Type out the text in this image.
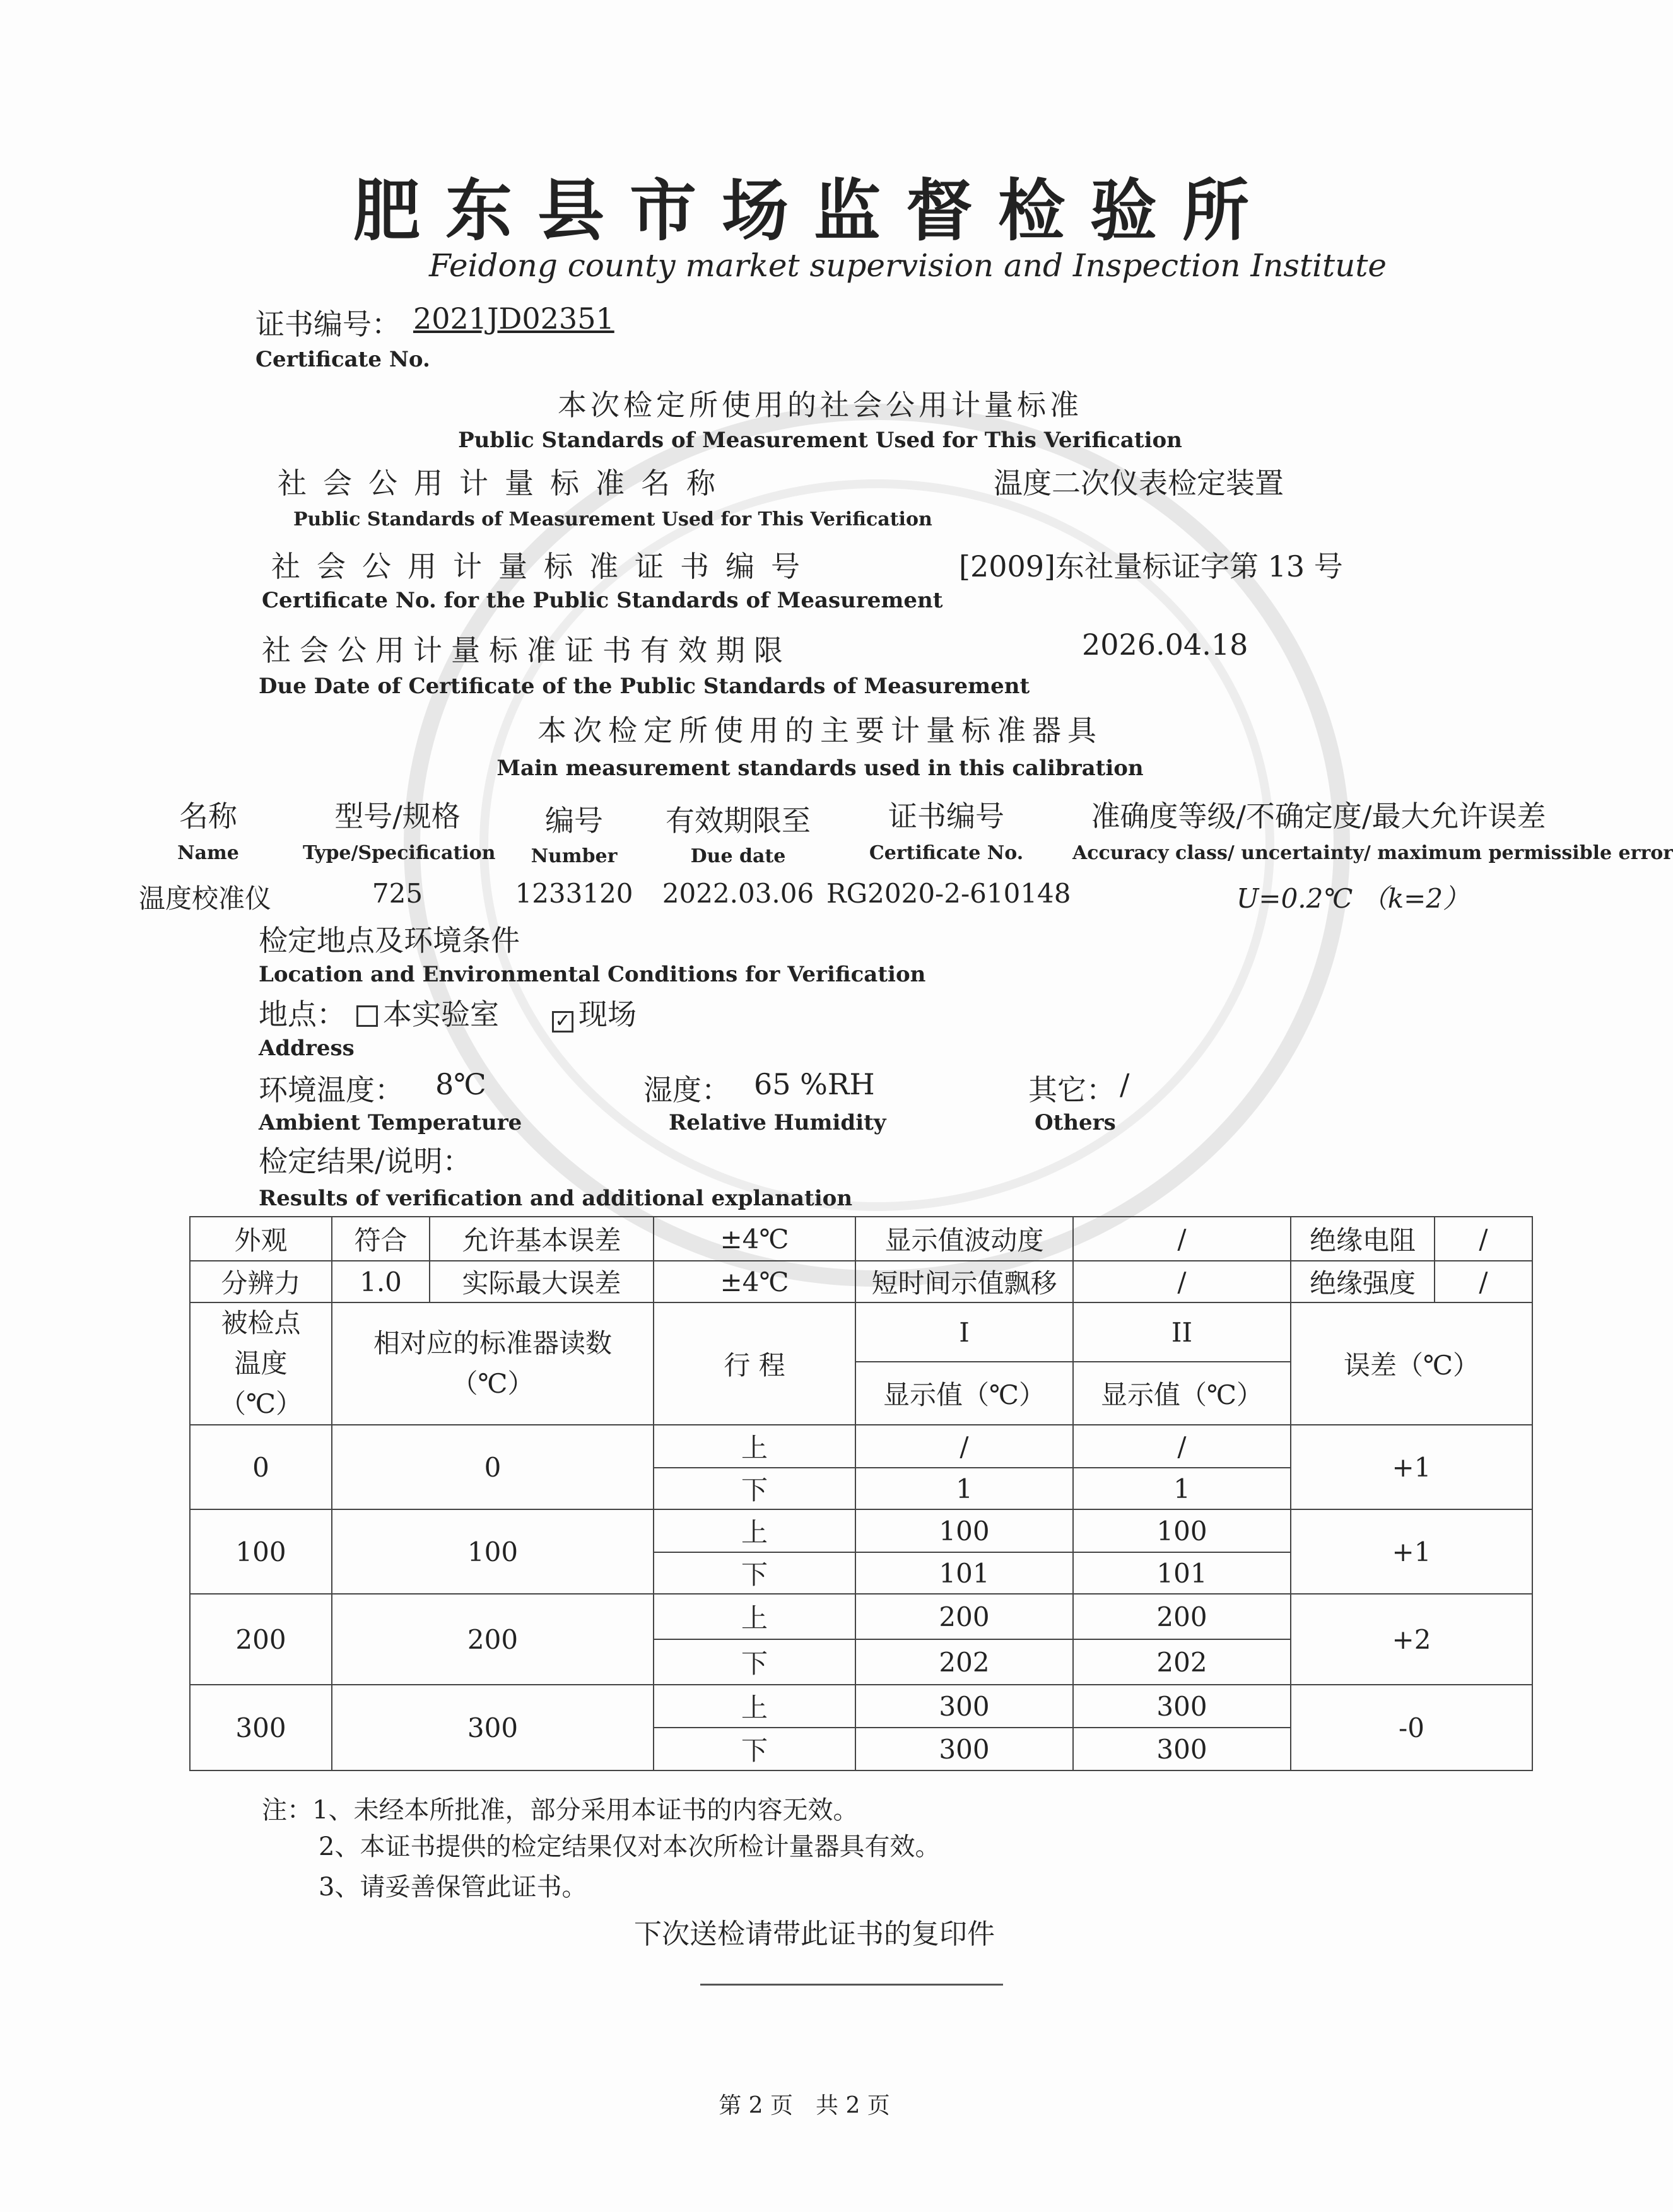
肥东县市场监督检验所
Feidong county market supervision and Inspection Institute
证书编号： 2021JD02351
Certificate No.
本次检定所使用的社会公用计量标准
Public Standards of Measurement Used for This Verification
社会公用计量标准名称	温度二次仪表检定装置
Public Standards of Measurement Used for This Verification
社会公用计量标准证书编号	[2009]东社量标证字第 13 号
Certificate No. for the Public Standards of Measurement
社会公用计量标准证书有效期限	2026.04.18
Due Date of Certificate of the Public Standards of Measurement
本次检定所使用的主要计量标准器具
Main measurement standards used in this calibration
名称	型号/规格	编号	有效期限至	证书编号	准确度等级/不确定度/最大允许误差
Name	Type/Specification	Number	Due date	Certificate No.	Accuracy class/ uncertainty/ maximum permissible error
温度校准仪	725	1233120	2022.03.06 RG2020-2-610148	U=0.2℃ （k=2）
检定地点及环境条件
Location and Environmental Conditions for Verification
地点：	本实验室	✓ 现场
Address
环境温度： 8℃	湿度： 65 %RH	其它： /
Ambient Temperature	Relative Humidity	Others
检定结果/说明：
Results of verification and additional explanation
外观	符合	允许基本误差	±4℃	显示值波动度	/	绝缘电阻	/
分辨力	1.0	实际最大误差	±4℃	短时间示值飘移	/	绝缘强度	/
被检点温度（℃）	相对应的标准器读数（℃）		行 程	I	II	误差（℃）	
				显示值（℃）	显示值（℃）		
0	0		上	/	/	+1	
			下	1	1		
100	100		上	100	100	+1	
			下	101	101		
200	200		上	200	200	+2	
			下	202	202		
300	300		上	300	300	-0	
			下	300	300		
注：1、未经本所批准，部分采用本证书的内容无效。
2、本证书提供的检定结果仅对本次所检计量器具有效。
3、请妥善保管此证书。
下次送检请带此证书的复印件
第 2 页　共 2 页
